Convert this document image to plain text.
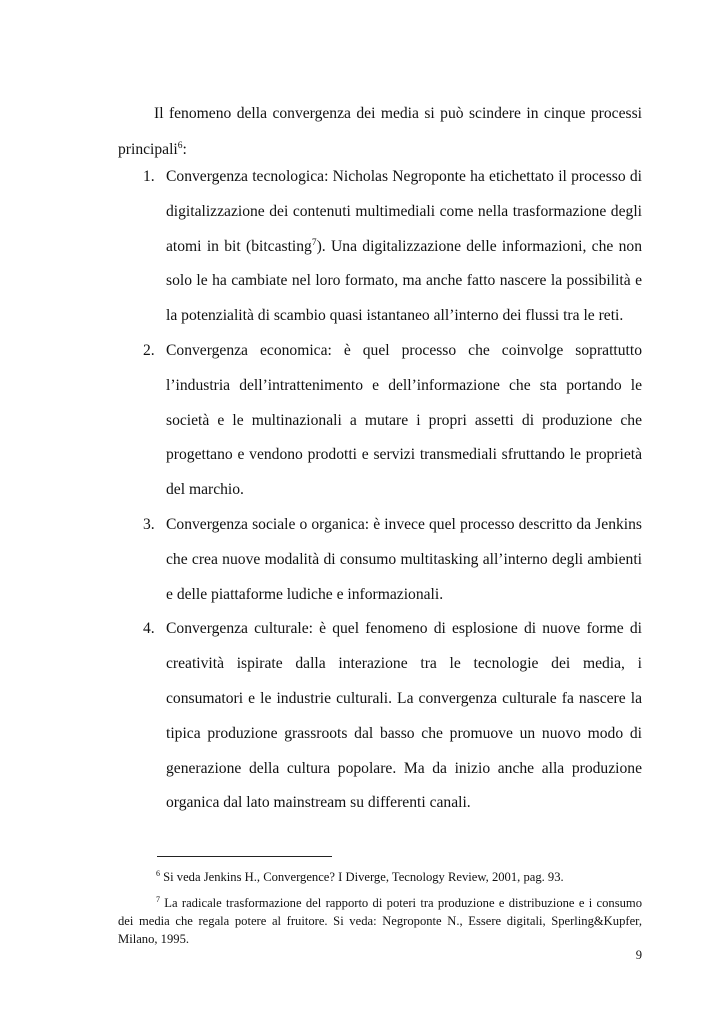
Il fenomeno della convergenza dei media si può scindere in cinque processi
principali$^6$:
1. Convergenza tecnologica: Nicholas Negroponte ha etichettato il processo di digitalizzazione dei contenuti multimediali come nella trasformazione degli atomi in bit (bitcasting$^7$). Una digitalizzazione delle informazioni, che non solo le ha cambiate nel loro formato, ma anche fatto nascere la possibilità e la potenzialità di scambio quasi istantaneo all’interno dei flussi tra le reti.
2. Convergenza economica: è quel processo che coinvolge soprattutto l’industria dell’intrattenimento e dell’informazione che sta portando le società e le multinazionali a mutare i propri assetti di produzione che progettano e vendono prodotti e servizi transmediali sfruttando le proprietà del marchio.
3. Convergenza sociale o organica: è invece quel processo descritto da Jenkins che crea nuove modalità di consumo multitasking all’interno degli ambienti e delle piattaforme ludiche e informazionali.
4. Convergenza culturale: è quel fenomeno di esplosione di nuove forme di creatività ispirate dalla interazione tra le tecnologie dei media, i consumatori e le industrie culturali. La convergenza culturale fa nascere la tipica produzione grassroots dal basso che promuove un nuovo modo di generazione della cultura popolare. Ma da inizio anche alla produzione organica dal lato mainstream su differenti canali.
$^6$ Si veda Jenkins H., Convergence? I Diverge, Tecnology Review, 2001, pag. 93.
$^7$ La radicale trasformazione del rapporto di poteri tra produzione e distribuzione e i consumo dei media che regala potere al fruitore. Si veda: Negroponte N., Essere digitali, Sperling&Kupfer, Milano, 1995.
9
